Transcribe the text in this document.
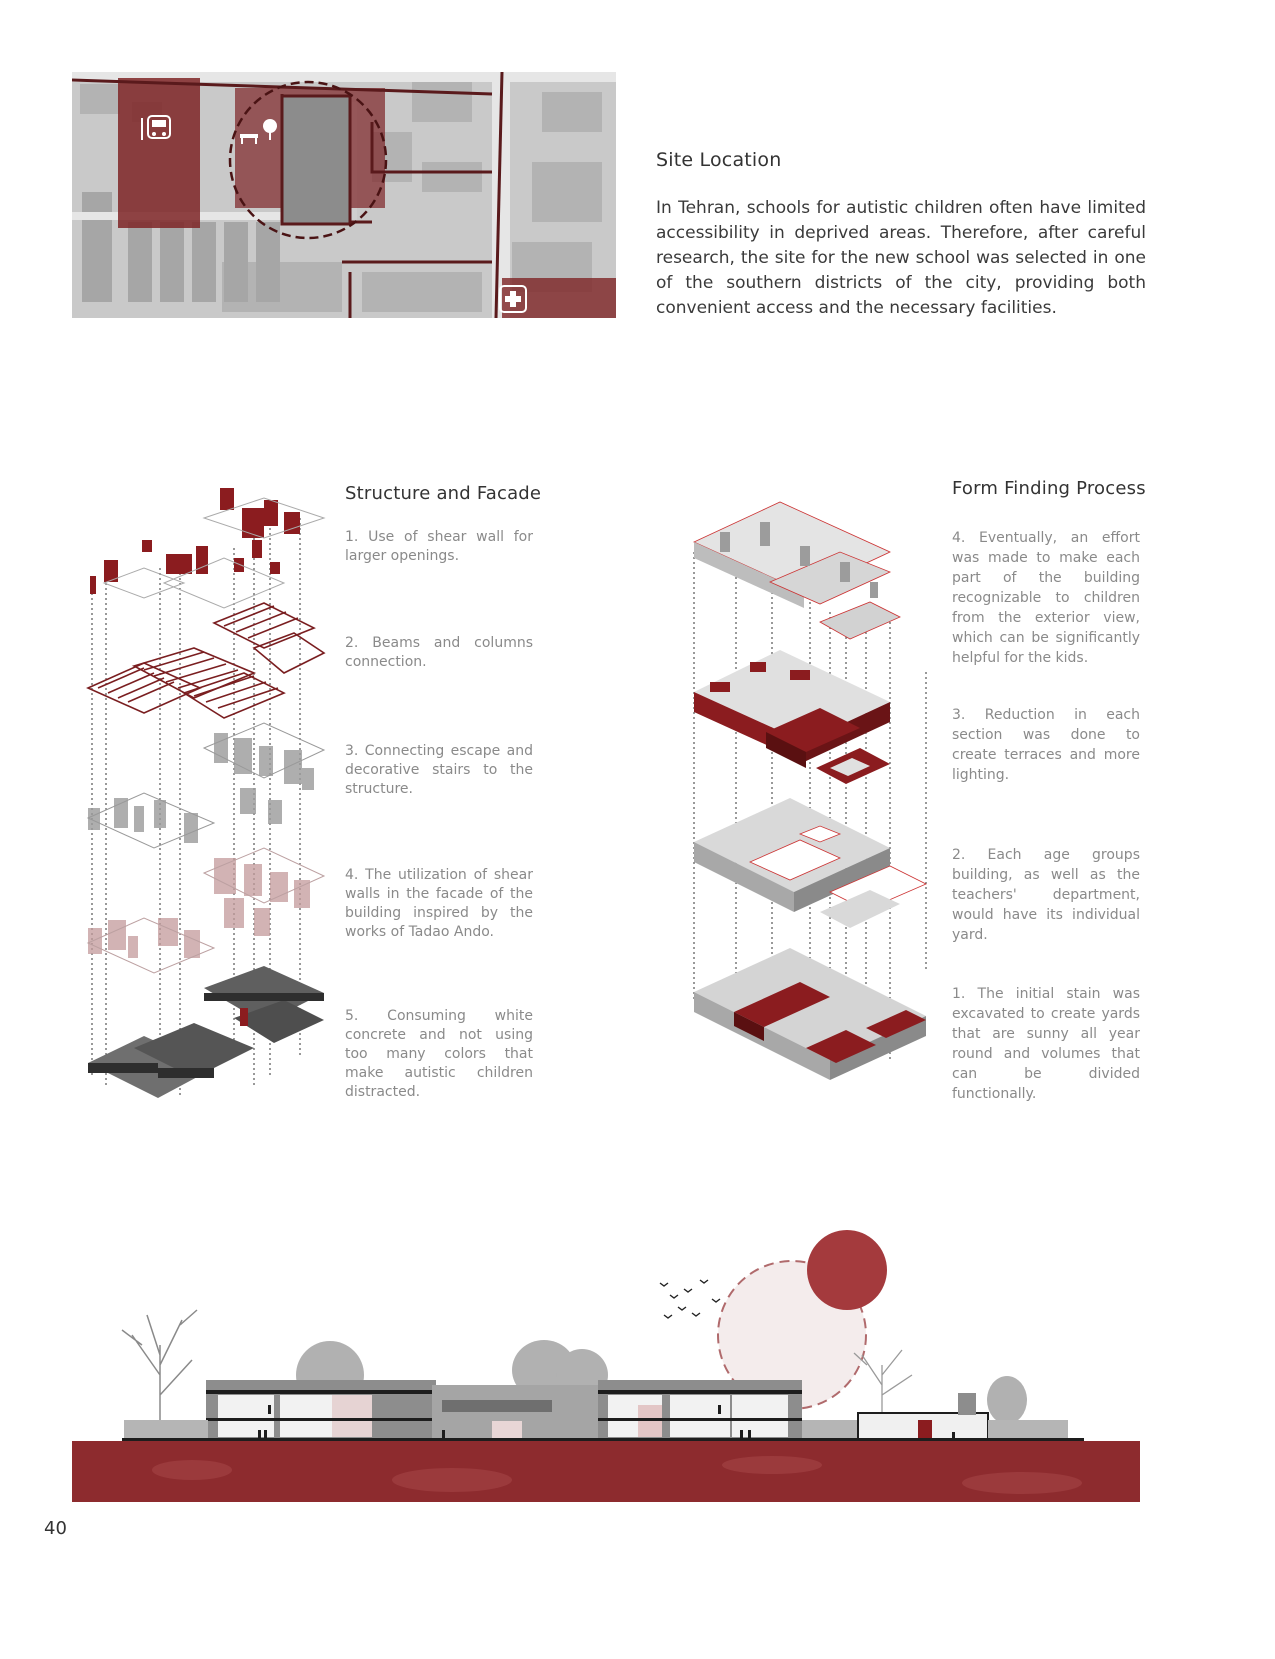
Site Location

In Tehran, schools for autistic children often have limited accessibility in deprived areas. Therefore, after careful research, the site for the new school was selected in one of the southern districts of the city, providing both convenient access and the necessary facilities.

Structure and Facade

1. Use of shear wall for larger openings.

2. Beams and columns connection.

3. Connecting escape and decorative stairs to the structure.

4. The utilization of shear walls in the facade of the building inspired by the works of Tadao Ando.

5. Consuming white concrete and not using too many colors that make autistic children distracted.

Form Finding Process

4. Eventually, an effort was made to make each part of the building recognizable to children from the exterior view, which can be significantly helpful for the kids.

3. Reduction in each section was done to create terraces and more lighting.

2. Each age groups building, as well as the teachers' department, would have its individual yard.

1. The initial stain was excavated to create yards that are sunny all year round and volumes that can be divided functionally.

40
